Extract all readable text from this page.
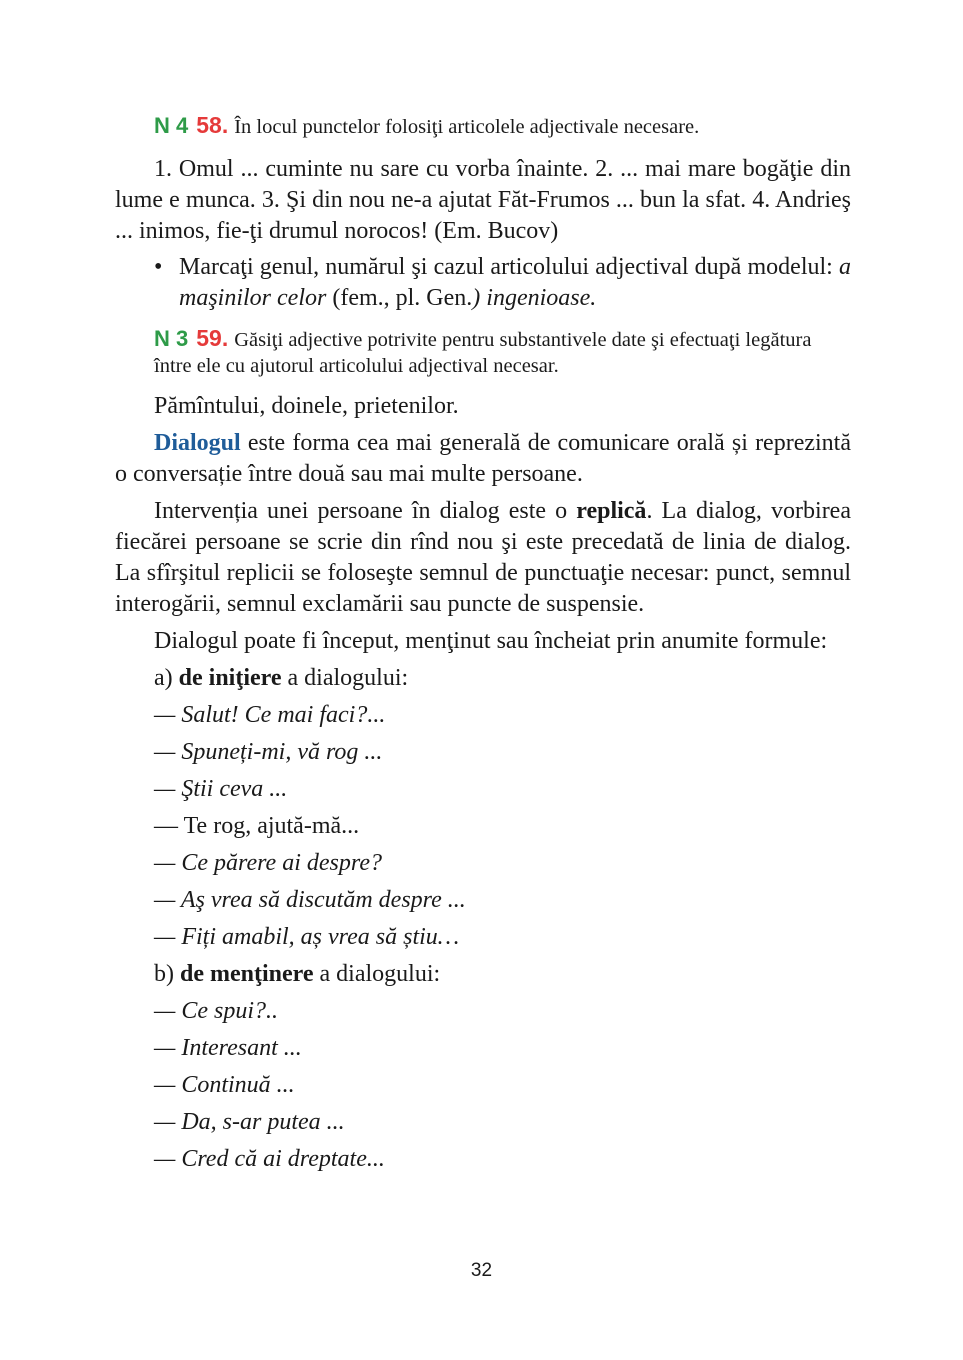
N 4 58. În locul punctelor folosiţi articolele adjectivale necesare.

1. Omul ... cuminte nu sare cu vorba înainte. 2. ... mai mare bogăţie din lume e munca. 3. Şi din nou ne-a ajutat Făt-Frumos ... bun la sfat. 4. Andrieş ... inimos, fie-ţi drumul norocos! (Em. Bucov)

• Marcaţi genul, numărul şi cazul articolului adjectival după modelul: a maşinilor celor (fem., pl. Gen.) ingenioase.

N 3 59. Găsiţi adjective potrivite pentru substantivele date şi efectuaţi legătura între ele cu ajutorul articolului adjectival necesar.

Pămîntului, doinele, prietenilor.

Dialogul este forma cea mai generală de comunicare orală și reprezintă o conversație între două sau mai multe persoane.

Intervenția unei persoane în dialog este o replică. La dialog, vorbirea fiecărei persoane se scrie din rînd nou şi este precedată de linia de dialog. La sfîrşitul replicii se foloseşte semnul de punctuaţie necesar: punct, semnul interogării, semnul exclamării sau puncte de suspensie.

Dialogul poate fi început, menţinut sau încheiat prin anumite formule:

a) de iniţiere a dialogului:

— Salut! Ce mai faci?...

— Spuneți-mi, vă rog ...

— Ştii ceva ...

— Te rog, ajută-mă...

— Ce părere ai despre?

— Aş vrea să discutăm despre ...

— Fiți amabil, aș vrea să știu…

b) de menţinere a dialogului:

— Ce spui?..

— Interesant ...

— Continuă ...

— Da, s-ar putea ...

— Cred că ai dreptate...

32
